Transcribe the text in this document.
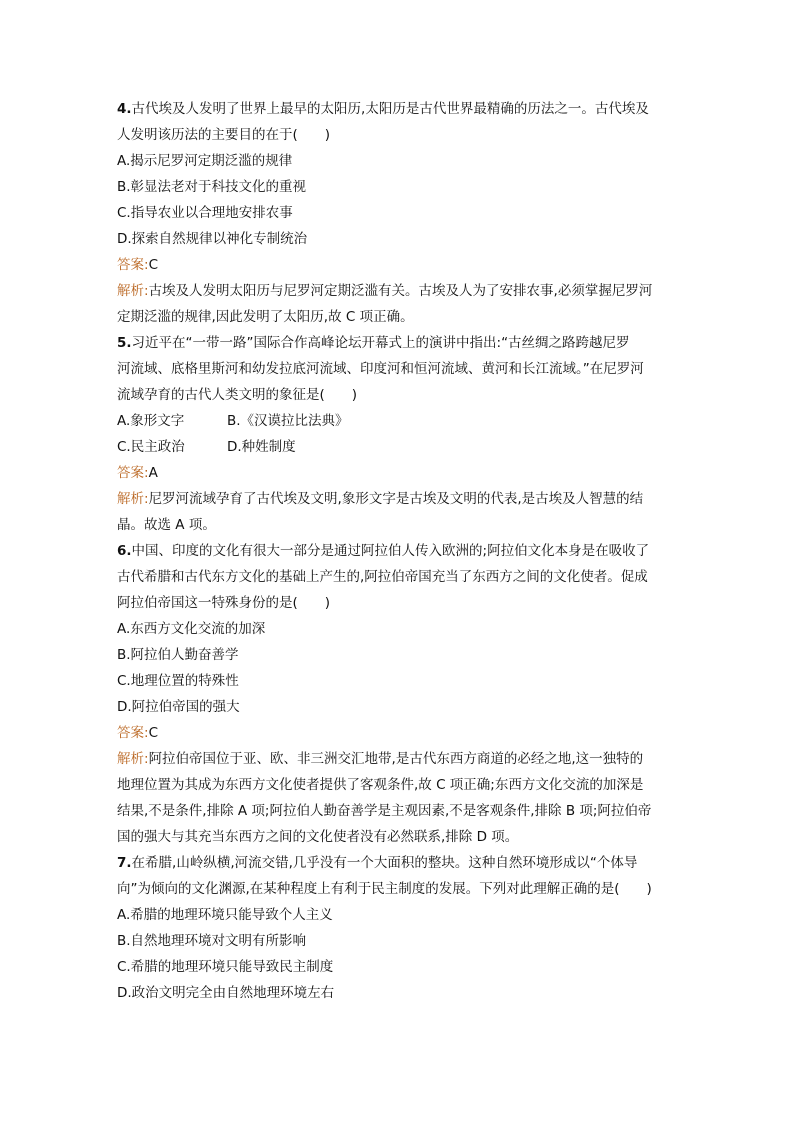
4.古代埃及人发明了世界上最早的太阳历,太阳历是古代世界最精确的历法之一。古代埃及
人发明该历法的主要目的在于(　　)
A.揭示尼罗河定期泛滥的规律
B.彰显法老对于科技文化的重视
C.指导农业以合理地安排农事
D.探索自然规律以神化专制统治
答案:C
解析:古埃及人发明太阳历与尼罗河定期泛滥有关。古埃及人为了安排农事,必须掌握尼罗河
定期泛滥的规律,因此发明了太阳历,故 C 项正确。
5.习近平在“一带一路”国际合作高峰论坛开幕式上的演讲中指出:“古丝绸之路跨越尼罗
河流域、底格里斯河和幼发拉底河流域、印度河和恒河流域、黄河和长江流域。”在尼罗河
流域孕育的古代人类文明的象征是(　　)
A.象形文字	B.《汉谟拉比法典》
C.民主政治	D.种姓制度
答案:A
解析:尼罗河流域孕育了古代埃及文明,象形文字是古埃及文明的代表,是古埃及人智慧的结
晶。故选 A 项。
6.中国、印度的文化有很大一部分是通过阿拉伯人传入欧洲的;阿拉伯文化本身是在吸收了
古代希腊和古代东方文化的基础上产生的,阿拉伯帝国充当了东西方之间的文化使者。促成
阿拉伯帝国这一特殊身份的是(　　)
A.东西方文化交流的加深
B.阿拉伯人勤奋善学
C.地理位置的特殊性
D.阿拉伯帝国的强大
答案:C
解析:阿拉伯帝国位于亚、欧、非三洲交汇地带,是古代东西方商道的必经之地,这一独特的
地理位置为其成为东西方文化使者提供了客观条件,故 C 项正确;东西方文化交流的加深是
结果,不是条件,排除 A 项;阿拉伯人勤奋善学是主观因素,不是客观条件,排除 B 项;阿拉伯帝
国的强大与其充当东西方之间的文化使者没有必然联系,排除 D 项。
7.在希腊,山岭纵横,河流交错,几乎没有一个大面积的整块。这种自然环境形成以“个体导
向”为倾向的文化渊源,在某种程度上有利于民主制度的发展。下列对此理解正确的是(　　)
A.希腊的地理环境只能导致个人主义
B.自然地理环境对文明有所影响
C.希腊的地理环境只能导致民主制度
D.政治文明完全由自然地理环境左右
